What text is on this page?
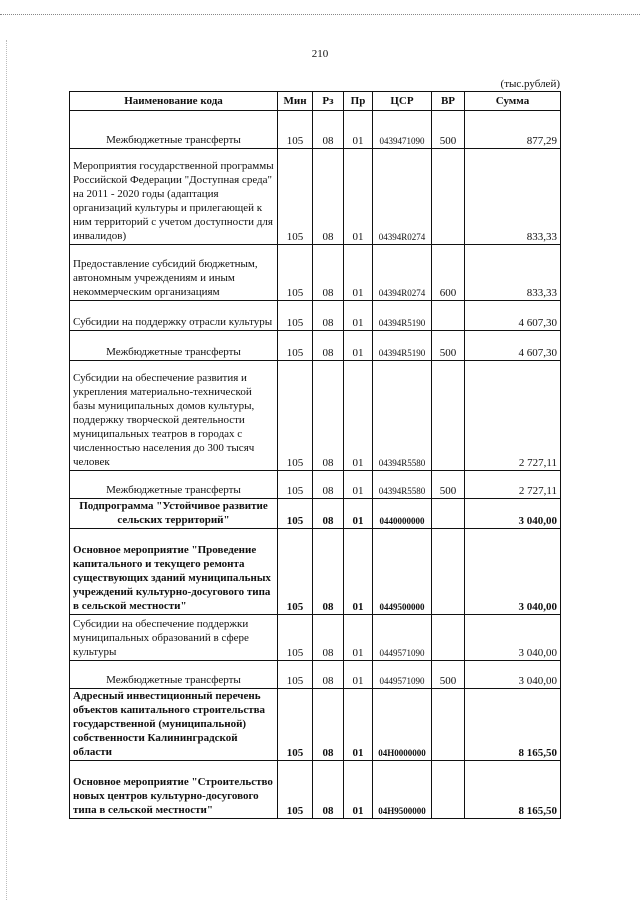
210
(тыс.рублей)
Наименование кода	Мин	Рз	Пр	ЦСР	ВР	Сумма
Межбюджетные трансферты	105	08	01	0439471090	500	877,29
Мероприятия государственной программы Российской Федерации "Доступная среда" на 2011 - 2020 годы (адаптация организаций культуры и прилегающей к ним территорий с учетом доступности для инвалидов)	105	08	01	04394R0274		833,33
Предоставление субсидий бюджетным, автономным учреждениям и иным некоммерческим организациям	105	08	01	04394R0274	600	833,33
Субсидии на поддержку отрасли культуры	105	08	01	04394R5190		4 607,30
Межбюджетные трансферты	105	08	01	04394R5190	500	4 607,30
Субсидии на обеспечение развития и укрепления материально-технической базы муниципальных домов культуры, поддержку творческой деятельности муниципальных театров в городах с численностью населения до 300 тысяч человек	105	08	01	04394R5580		2 727,11
Межбюджетные трансферты	105	08	01	04394R5580	500	2 727,11
Подпрограмма "Устойчивое развитие сельских территорий"	105	08	01	0440000000		3 040,00
Основное мероприятие "Проведение капитального и текущего ремонта существующих зданий муниципальных учреждений культурно-досугового типа в сельской местности"	105	08	01	0449500000		3 040,00
Субсидии на обеспечение поддержки муниципальных образований в сфере культуры	105	08	01	0449571090		3 040,00
Межбюджетные трансферты	105	08	01	0449571090	500	3 040,00
Адресный инвестиционный перечень объектов капитального строительства государственной (муниципальной) собственности Калининградской области	105	08	01	04Н0000000		8 165,50
Основное мероприятие "Строительство новых центров культурно-досугового типа в сельской местности"	105	08	01	04Н9500000		8 165,50
